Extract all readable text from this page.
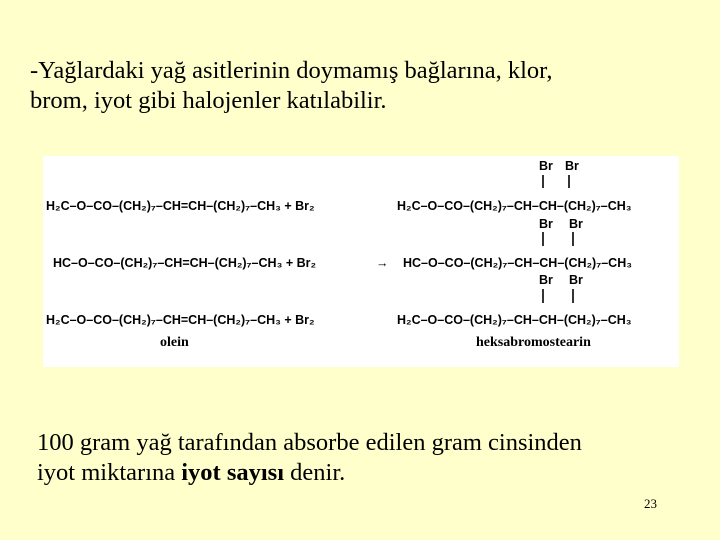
-Yağlardaki yağ asitlerinin doymamış bağlarına, klor,
brom, iyot gibi halojenler katılabilir.
H₂C–O–CO–(CH₂)₇–CH=CH–(CH₂)₇–CH₃ + Br₂	H₂C–O–CO–(CH₂)₇–CH–CH–(CH₂)₇–CH₃
Br Br
HC–O–CO–(CH₂)₇–CH=CH–(CH₂)₇–CH₃ + Br₂	→ HC–O–CO–(CH₂)₇–CH–CH–(CH₂)₇–CH₃
Br Br
H₂C–O–CO–(CH₂)₇–CH=CH–(CH₂)₇–CH₃ + Br₂	H₂C–O–CO–(CH₂)₇–CH–CH–(CH₂)₇–CH₃
Br Br
olein	heksabromostearin
100 gram yağ tarafından absorbe edilen gram cinsinden
iyot miktarına iyot sayısı denir.
23
